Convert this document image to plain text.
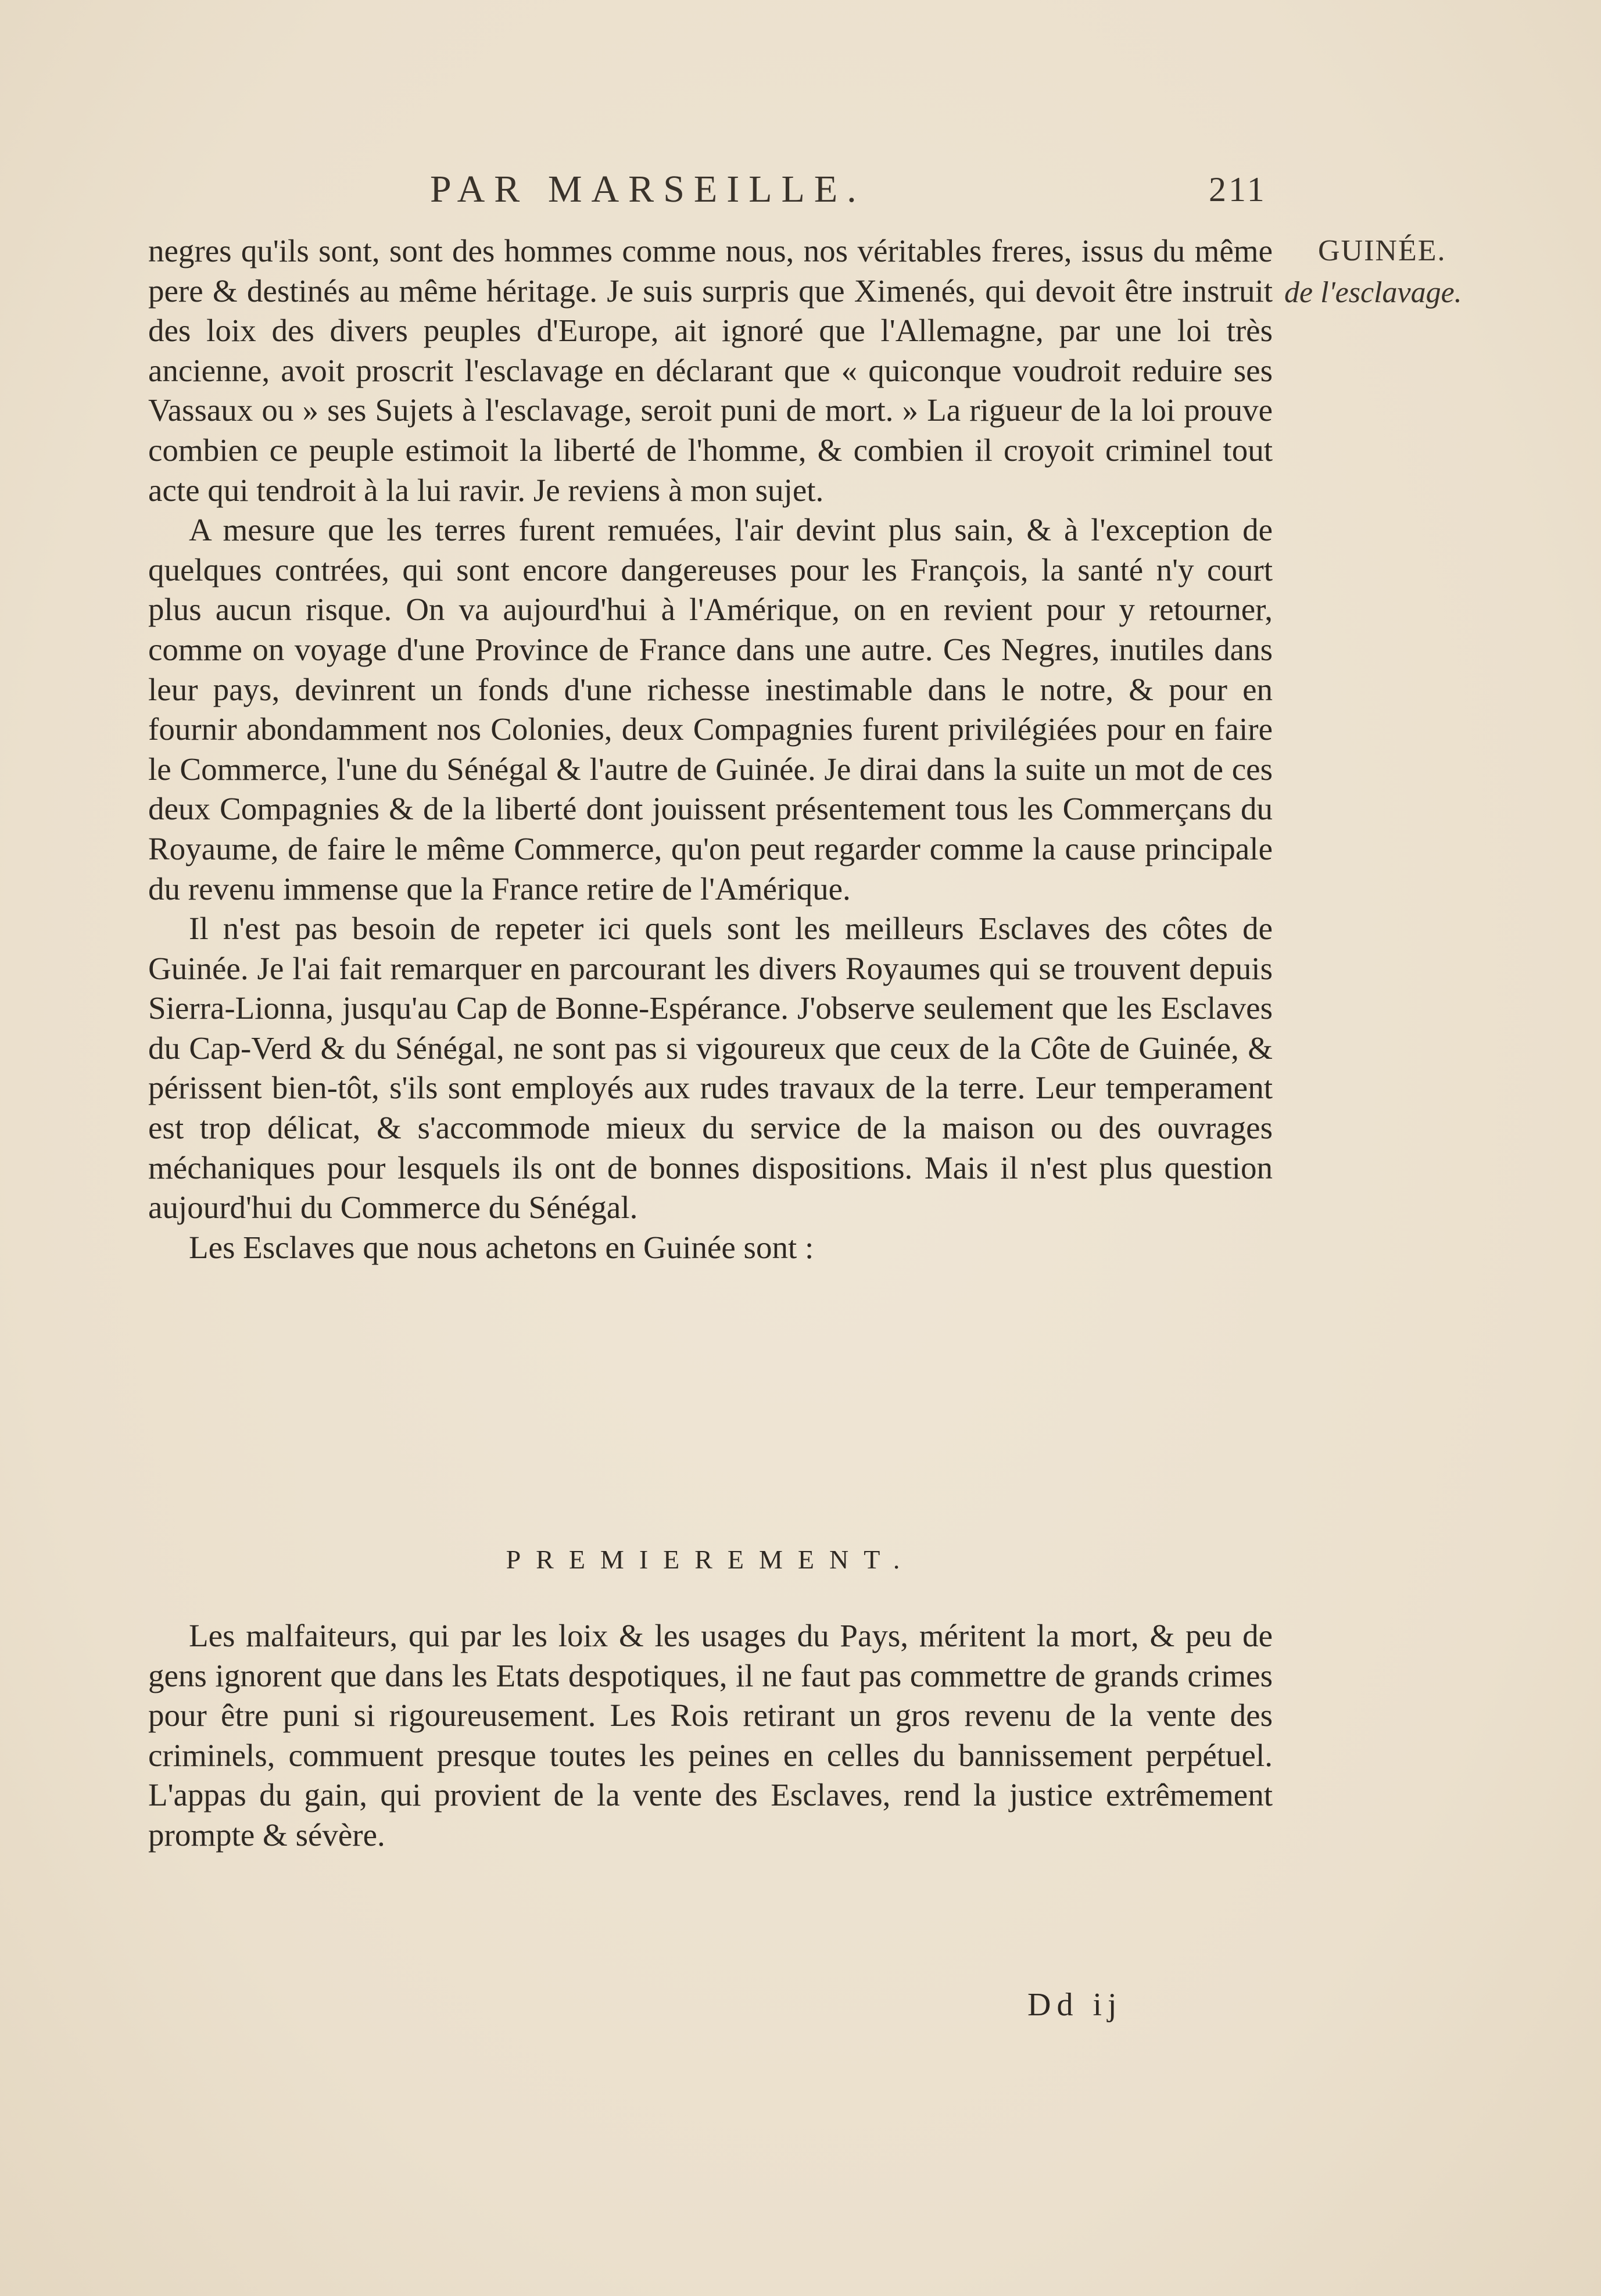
PAR MARSEILLE.	211
GUINÉE.
de l'esclavage.

negres qu'ils sont, sont des hommes comme nous, nos véritables freres, issus du même pere & destinés au même héritage. Je suis surpris que Ximenés, qui devoit être instruit des loix des divers peuples d'Europe, ait ignoré que l'Allemagne, par une loi très ancienne, avoit proscrit l'esclavage en déclarant que « quiconque voudroit reduire ses Vassaux ou » ses Sujets à l'esclavage, seroit puni de mort. » La rigueur de la loi prouve combien ce peuple estimoit la liberté de l'homme, & combien il croyoit criminel tout acte qui tendroit à la lui ravir. Je reviens à mon sujet.

A mesure que les terres furent remuées, l'air devint plus sain, & à l'exception de quelques contrées, qui sont encore dangereuses pour les François, la santé n'y court plus aucun risque. On va aujourd'hui à l'Amérique, on en revient pour y retourner, comme on voyage d'une Province de France dans une autre. Ces Negres, inutiles dans leur pays, devinrent un fonds d'une richesse inestimable dans le notre, & pour en fournir abondamment nos Colonies, deux Compagnies furent privilégiées pour en faire le Commerce, l'une du Sénégal & l'autre de Guinée. Je dirai dans la suite un mot de ces deux Compagnies & de la liberté dont jouissent présentement tous les Commerçans du Royaume, de faire le même Commerce, qu'on peut regarder comme la cause principale du revenu immense que la France retire de l'Amérique.

Il n'est pas besoin de repeter ici quels sont les meilleurs Esclaves des côtes de Guinée. Je l'ai fait remarquer en parcourant les divers Royaumes qui se trouvent depuis Sierra-Lionna, jusqu'au Cap de Bonne-Espérance. J'observe seulement que les Esclaves du Cap-Verd & du Sénégal, ne sont pas si vigoureux que ceux de la Côte de Guinée, & périssent bien-tôt, s'ils sont employés aux rudes travaux de la terre. Leur temperament est trop délicat, & s'accommode mieux du service de la maison ou des ouvrages méchaniques pour lesquels ils ont de bonnes dispositions. Mais il n'est plus question aujourd'hui du Commerce du Sénégal.

Les Esclaves que nous achetons en Guinée sont :

PREMIEREMENT.

Les malfaiteurs, qui par les loix & les usages du Pays, méritent la mort, & peu de gens ignorent que dans les Etats despotiques, il ne faut pas commettre de grands crimes pour être puni si rigoureusement. Les Rois retirant un gros revenu de la vente des criminels, commuent presque toutes les peines en celles du bannissement perpétuel. L'appas du gain, qui provient de la vente des Esclaves, rend la justice extrêmement prompte & sévère.

Dd ij
